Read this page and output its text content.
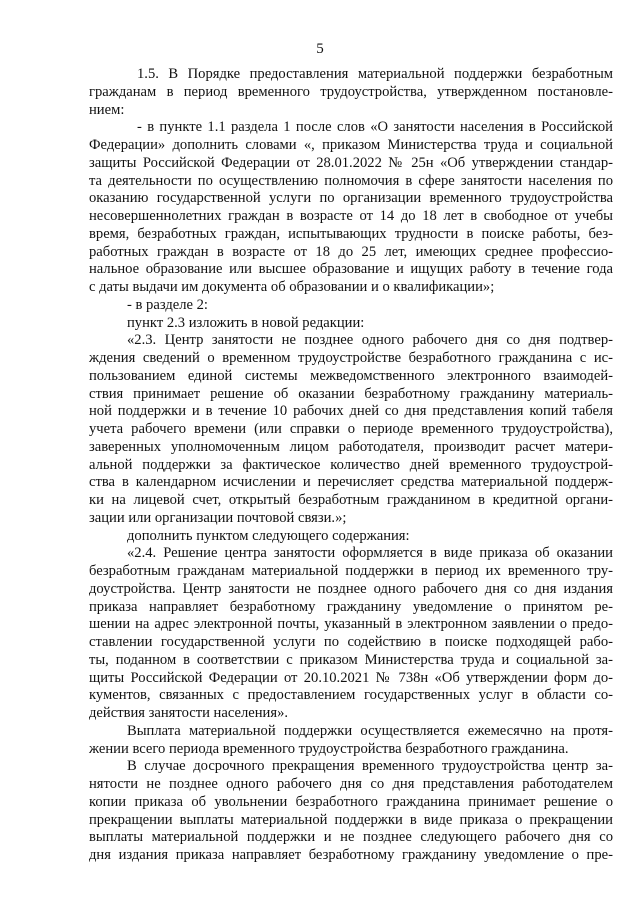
5
1.5. В Порядке предоставления материальной поддержки безработным
гражданам в период временного трудоустройства, утвержденном постановле-
нием:
- в пункте 1.1 раздела 1 после слов «О занятости населения в Российской
Федерации» дополнить словами «, приказом Министерства труда и социальной
защиты Российской Федерации от 28.01.2022 № 25н «Об утверждении стандар-
та деятельности по осуществлению полномочия в сфере занятости населения по
оказанию государственной услуги по организации временного трудоустройства
несовершеннолетних граждан в возрасте от 14 до 18 лет в свободное от учебы
время, безработных граждан, испытывающих трудности в поиске работы, без-
работных граждан в возрасте от 18 до 25 лет, имеющих среднее профессио-
нальное образование или высшее образование и ищущих работу в течение года
с даты выдачи им документа об образовании и о квалификации»;
- в разделе 2:
пункт 2.3 изложить в новой редакции:
«2.3. Центр занятости не позднее одного рабочего дня со дня подтвер-
ждения сведений о временном трудоустройстве безработного гражданина с ис-
пользованием единой системы межведомственного электронного взаимодей-
ствия принимает решение об оказании безработному гражданину материаль-
ной поддержки и в течение 10 рабочих дней со дня представления копий табеля
учета рабочего времени (или справки о периоде временного трудоустройства),
заверенных уполномоченным лицом работодателя, производит расчет матери-
альной поддержки за фактическое количество дней временного трудоустрой-
ства в календарном исчислении и перечисляет средства материальной поддерж-
ки на лицевой счет, открытый безработным гражданином в кредитной органи-
зации или организации почтовой связи.»;
дополнить пунктом следующего содержания:
«2.4. Решение центра занятости оформляется в виде приказа об оказании
безработным гражданам материальной поддержки в период их временного тру-
доустройства. Центр занятости не позднее одного рабочего дня со дня издания
приказа направляет безработному гражданину уведомление о принятом ре-
шении на адрес электронной почты, указанный в электронном заявлении о предо-
ставлении государственной услуги по содействию в поиске подходящей рабо-
ты, поданном в соответствии с приказом Министерства труда и социальной за-
щиты Российской Федерации от 20.10.2021 № 738н «Об утверждении форм до-
кументов, связанных с предоставлением государственных услуг в области со-
действия занятости населения».
Выплата материальной поддержки осуществляется ежемесячно на протя-
жении всего периода временного трудоустройства безработного гражданина.
В случае досрочного прекращения временного трудоустройства центр за-
нятости не позднее одного рабочего дня со дня представления работодателем
копии приказа об увольнении безработного гражданина принимает решение о
прекращении выплаты материальной поддержки в виде приказа о прекращении
выплаты материальной поддержки и не позднее следующего рабочего дня со
дня издания приказа направляет безработному гражданину уведомление о пре-
